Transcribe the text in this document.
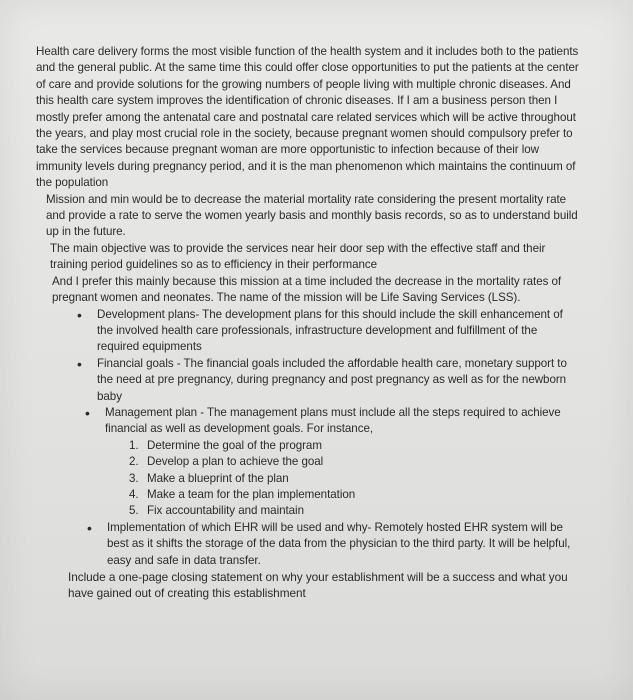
Health care delivery forms the most visible function of the health system and it includes both to the patients and the general public. At the same time this could offer close opportunities to put the patients at the center of care and provide solutions for the growing numbers of people living with multiple chronic diseases. And this health care system improves the identification of chronic diseases. If I am a business person then I mostly prefer among the antenatal care and postnatal care related services which will be active throughout the years, and play most crucial role in the society, because pregnant women should compulsory prefer to take the services because pregnant woman are more opportunistic to infection because of their low immunity levels during pregnancy period, and it is the man phenomenon which maintains the continuum of the population

Mission and min would be to decrease the material mortality rate considering the present mortality rate and provide a rate to serve the women yearly basis and monthly basis records, so as to understand build up in the future.

The main objective was to provide the services near heir door sep with the effective staff and their training period guidelines so as to efficiency in their performance

And I prefer this mainly because this mission at a time included the decrease in the mortality rates of pregnant women and neonates. The name of the mission will be Life Saving Services (LSS).

• Development plans- The development plans for this should include the skill enhancement of the involved health care professionals, infrastructure development and fulfillment of the required equipments
• Financial goals - The financial goals included the affordable health care, monetary support to the need at pre pregnancy, during pregnancy and post pregnancy as well as for the newborn baby
• Management plan - The management plans must include all the steps required to achieve financial as well as development goals. For instance,
1. Determine the goal of the program
2. Develop a plan to achieve the goal
3. Make a blueprint of the plan
4. Make a team for the plan implementation
5. Fix accountability and maintain
• Implementation of which EHR will be used and why- Remotely hosted EHR system will be best as it shifts the storage of the data from the physician to the third party. It will be helpful, easy and safe in data transfer.

Include a one-page closing statement on why your establishment will be a success and what you have gained out of creating this establishment
